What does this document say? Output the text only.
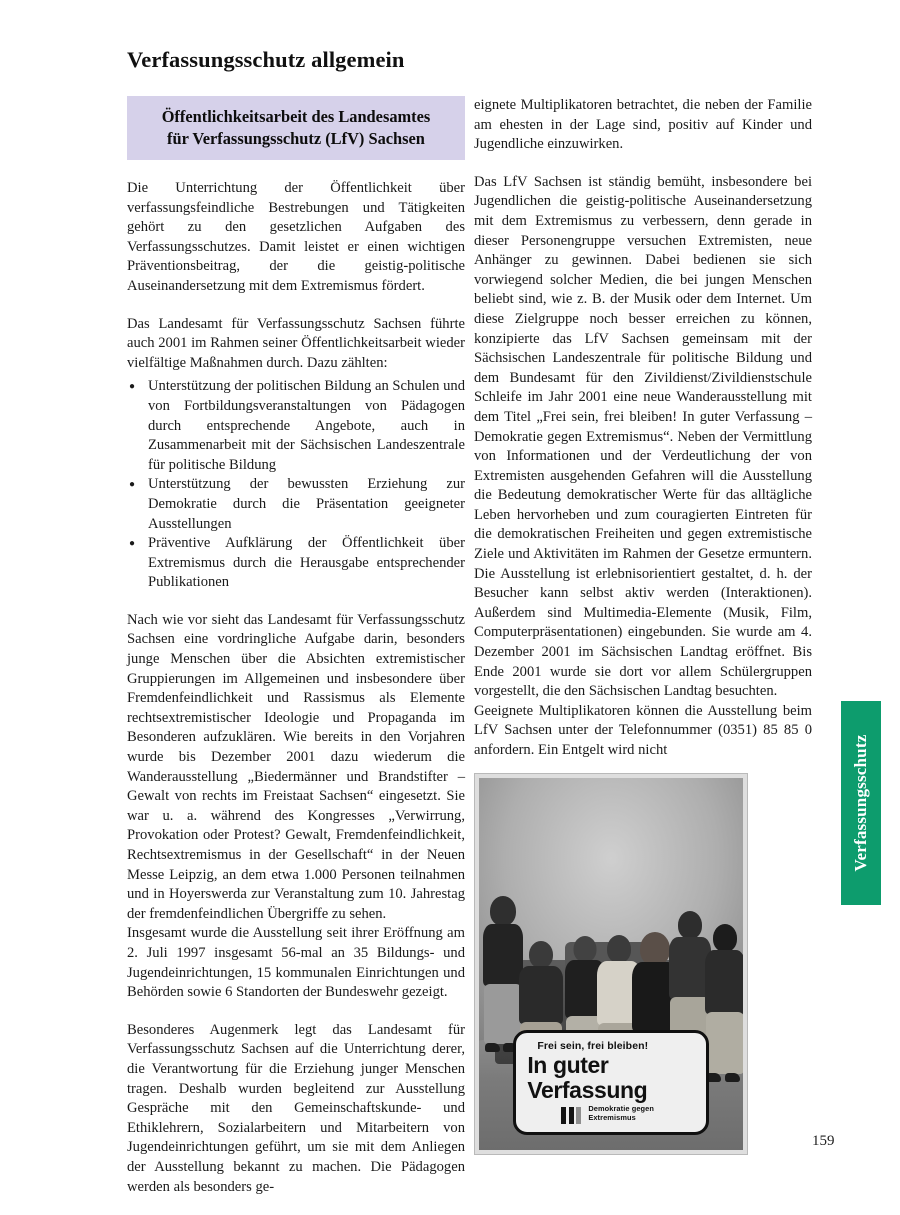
Verfassungsschutz allgemein
Öffentlichkeitsarbeit des Landesamtes
für Verfassungsschutz (LfV) Sachsen

Die Unterrichtung der Öffentlichkeit über verfassungsfeindliche Bestrebungen und Tätigkeiten gehört zu den gesetzlichen Aufgaben des Verfassungsschutzes. Damit leistet er einen wichtigen Präventionsbeitrag, der die geistig-politische Auseinandersetzung mit dem Extremismus fördert.

Das Landesamt für Verfassungsschutz Sachsen führte auch 2001 im Rahmen seiner Öffentlichkeitsarbeit wieder vielfältige Maßnahmen durch. Dazu zählten:

● Unterstützung der politischen Bildung an Schulen und von Fortbildungsveranstaltungen von Pädagogen durch entsprechende Angebote, auch in Zusammenarbeit mit der Sächsischen Landeszentrale für politische Bildung
● Unterstützung der bewussten Erziehung zur Demokratie durch die Präsentation geeigneter Ausstellungen
● Präventive Aufklärung der Öffentlichkeit über Extremismus durch die Herausgabe entsprechender Publikationen

Nach wie vor sieht das Landesamt für Verfassungsschutz Sachsen eine vordringliche Aufgabe darin, besonders junge Menschen über die Absichten extremistischer Gruppierungen im Allgemeinen und insbesondere über Fremdenfeindlichkeit und Rassismus als Elemente rechtsextremistischer Ideologie und Propaganda im Besonderen aufzuklären. Wie bereits in den Vorjahren wurde bis Dezember 2001 dazu wiederum die Wanderausstellung „Biedermänner und Brandstifter – Gewalt von rechts im Freistaat Sachsen“ eingesetzt. Sie war u. a. während des Kongresses „Verwirrung, Provokation oder Protest? Gewalt, Fremdenfeindlichkeit, Rechtsextremismus in der Gesellschaft“ in der Neuen Messe Leipzig, an dem etwa 1.000 Personen teilnahmen und in Hoyerswerda zur Veranstaltung zum 10. Jahrestag der fremdenfeindlichen Übergriffe zu sehen.

Insgesamt wurde die Ausstellung seit ihrer Eröffnung am 2. Juli 1997 insgesamt 56-mal an 35 Bildungs- und Jugendeinrichtungen, 15 kommunalen Einrichtungen und Behörden sowie 6 Standorten der Bundeswehr gezeigt.

Besonderes Augenmerk legt das Landesamt für Verfassungsschutz Sachsen auf die Unterrichtung derer, die Verantwortung für die Erziehung junger Menschen tragen. Deshalb wurden begleitend zur Ausstellung Gespräche mit den Gemeinschaftskunde- und Ethiklehrern, Sozialarbeitern und Mitarbeitern von Jugendeinrichtungen geführt, um sie mit dem Anliegen der Ausstellung bekannt zu machen. Die Pädagogen werden als besonders ge-

eignete Multiplikatoren betrachtet, die neben der Familie am ehesten in der Lage sind, positiv auf Kinder und Jugendliche einzuwirken.

Das LfV Sachsen ist ständig bemüht, insbesondere bei Jugendlichen die geistig-politische Auseinandersetzung mit dem Extremismus zu verbessern, denn gerade in dieser Personengruppe versuchen Extremisten, neue Anhänger zu gewinnen. Dabei bedienen sie sich vorwiegend solcher Medien, die bei jungen Menschen beliebt sind, wie z. B. der Musik oder dem Internet. Um diese Zielgruppe noch besser erreichen zu können, konzipierte das LfV Sachsen gemeinsam mit der Sächsischen Landeszentrale für politische Bildung und dem Bundesamt für den Zivildienst/Zivildienstschule Schleife im Jahr 2001 eine neue Wanderausstellung mit dem Titel „Frei sein, frei bleiben! In guter Verfassung – Demokratie gegen Extremismus“. Neben der Vermittlung von Informationen und der Verdeutlichung der von Extremisten ausgehenden Gefahren will die Ausstellung die Bedeutung demokratischer Werte für das alltägliche Leben hervorheben und zum couragierten Eintreten für die demokratischen Freiheiten und gegen extremistische Ziele und Aktivitäten im Rahmen der Gesetze ermuntern. Die Ausstellung ist erlebnisorientiert gestaltet, d. h. der Besucher kann selbst aktiv werden (Interaktionen). Außerdem sind Multimedia-Elemente (Musik, Film, Computerpräsentationen) eingebunden. Sie wurde am 4. Dezember 2001 im Sächsischen Landtag eröffnet. Bis Ende 2001 wurde sie dort vor allem Schülergruppen vorgestellt, die den Sächsischen Landtag besuchten.

Geeignete Multiplikatoren können die Ausstellung beim LfV Sachsen unter der Telefonnummer (0351) 85 85 0 anfordern. Ein Entgelt wird nicht	Verfassungsschutz
Frei sein, frei bleiben!
In guter Verfassung
Demokratie gegen Extremismus
159
